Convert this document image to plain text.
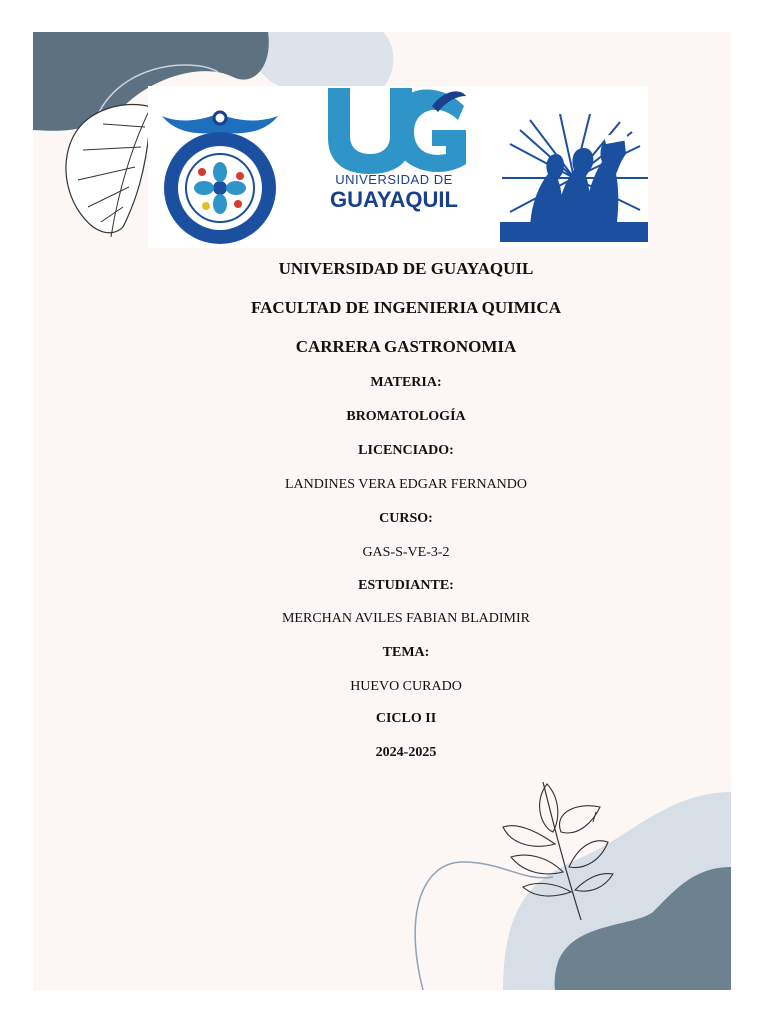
UNIVERSIDAD DE
GUAYAQUIL
UNIVERSIDAD DE GUAYAQUIL
FACULTAD DE INGENIERIA QUIMICA
CARRERA GASTRONOMIA
MATERIA:
BROMATOLOGÍA
LICENCIADO:
LANDINES VERA EDGAR FERNANDO
CURSO:
GAS-S-VE-3-2
ESTUDIANTE:
MERCHAN AVILES FABIAN BLADIMIR
TEMA:
HUEVO CURADO
CICLO II
2024-2025
